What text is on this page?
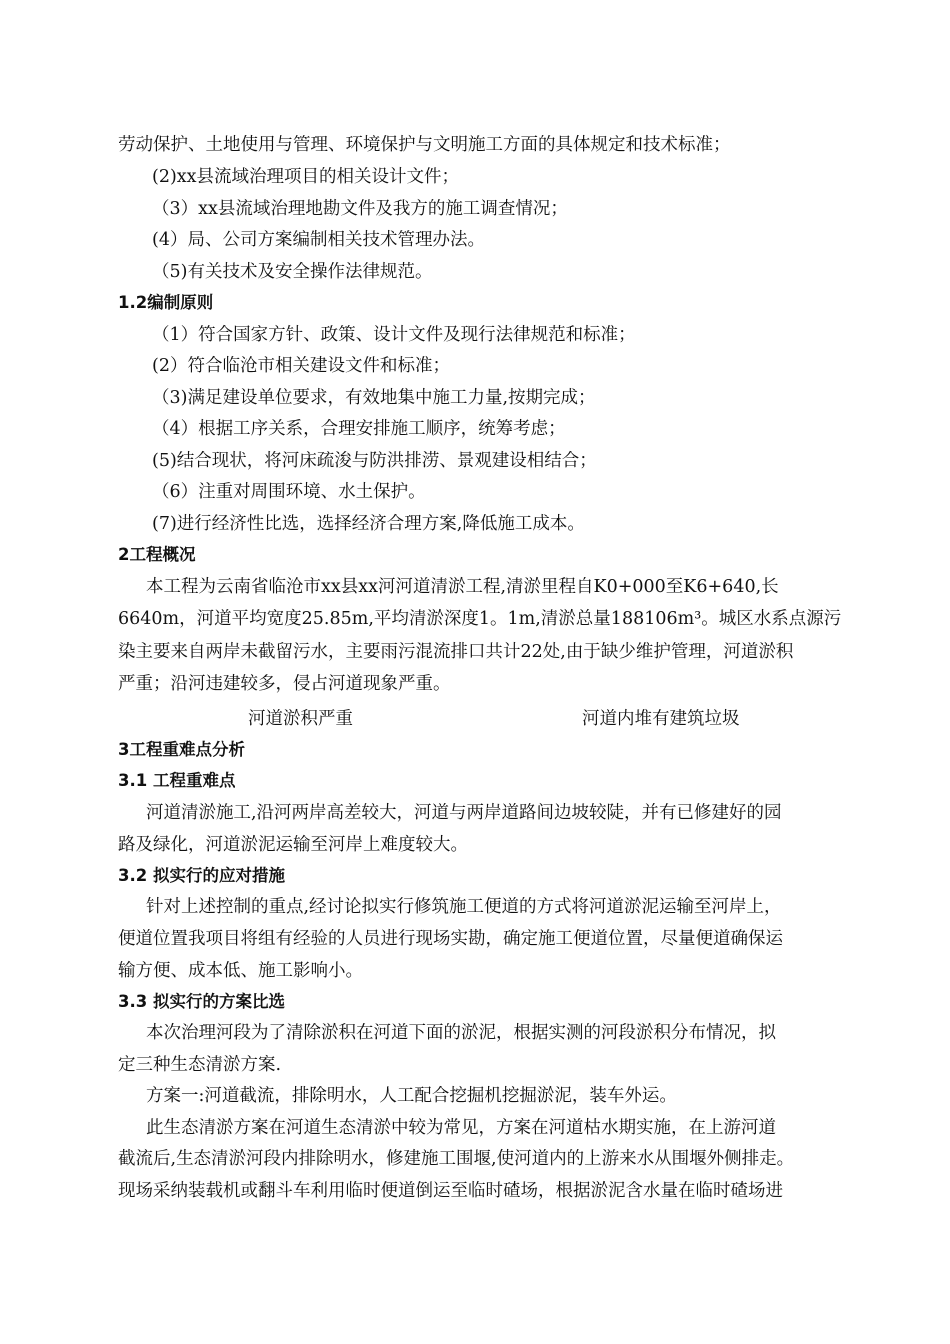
劳动保护、土地使用与管理、环境保护与文明施工方面的具体规定和技术标准；
(2)xx县流域治理项目的相关设计文件；
（3）xx县流域治理地勘文件及我方的施工调查情况；
(4）局、公司方案编制相关技术管理办法。
（5)有关技术及安全操作法律规范。
1.2编制原则
（1）符合国家方针、政策、设计文件及现行法律规范和标准；
(2）符合临沧市相关建设文件和标准；
（3)满足建设单位要求，有效地集中施工力量,按期完成；
（4）根据工序关系，合理安排施工顺序，统筹考虑；
(5)结合现状，将河床疏浚与防洪排涝、景观建设相结合；
（6）注重对周围环境、水土保护。
(7)进行经济性比选，选择经济合理方案,降低施工成本。
2工程概况
本工程为云南省临沧市xx县xx河河道清淤工程,清淤里程自K0+000至K6+640,长
6640m，河道平均宽度25.85m,平均清淤深度1。1m,清淤总量188106m³。城区水系点源污
染主要来自两岸未截留污水，主要雨污混流排口共计22处,由于缺少维护管理，河道淤积
严重；沿河违建较多，侵占河道现象严重。
河道淤积严重	河道内堆有建筑垃圾
3工程重难点分析
3.1 工程重难点
河道清淤施工,沿河两岸高差较大，河道与两岸道路间边坡较陡，并有已修建好的园
路及绿化，河道淤泥运输至河岸上难度较大。
3.2 拟实行的应对措施
针对上述控制的重点,经讨论拟实行修筑施工便道的方式将河道淤泥运输至河岸上，
便道位置我项目将组有经验的人员进行现场实勘，确定施工便道位置，尽量便道确保运
输方便、成本低、施工影响小。
3.3 拟实行的方案比选
本次治理河段为了清除淤积在河道下面的淤泥，根据实测的河段淤积分布情况，拟
定三种生态清淤方案.
方案一:河道截流，排除明水，人工配合挖掘机挖掘淤泥，装车外运。
此生态清淤方案在河道生态清淤中较为常见，方案在河道枯水期实施，在上游河道
截流后,生态清淤河段内排除明水，修建施工围堰,使河道内的上游来水从围堰外侧排走。
现场采纳装载机或翻斗车利用临时便道倒运至临时碴场，根据淤泥含水量在临时碴场进
